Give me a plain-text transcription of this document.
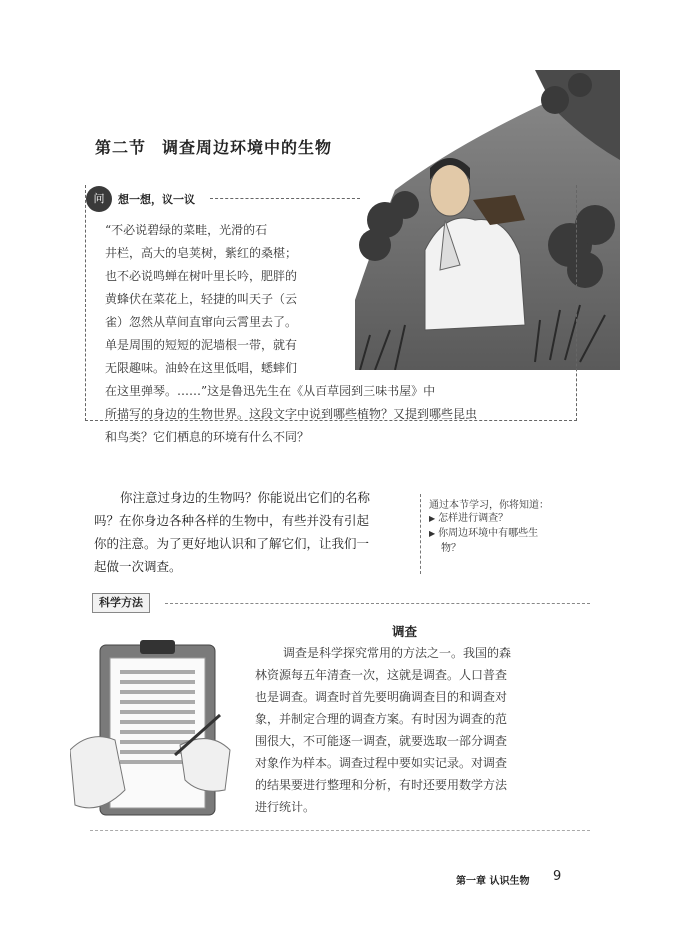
第二节 调查周边环境中的生物
问	想一想，议一议
“不必说碧绿的菜畦，光滑的石
井栏，高大的皂荚树，紫红的桑椹；
也不必说鸣蝉在树叶里长吟，肥胖的
黄蜂伏在菜花上，轻捷的叫天子（云
雀）忽然从草间直窜向云霄里去了。
单是周围的短短的泥墙根一带，就有
无限趣味。油蛉在这里低唱，蟋蟀们
在这里弹琴。……”这是鲁迅先生在《从百草园到三味书屋》中
所描写的身边的生物世界。这段文字中说到哪些植物？又提到哪些昆虫
和鸟类？它们栖息的环境有什么不同？
你注意过身边的生物吗？你能说出它们的名称
吗？在你身边各种各样的生物中，有些并没有引起
你的注意。为了更好地认识和了解它们，让我们一
起做一次调查。
通过本节学习，你将知道：
▶ 怎样进行调查？
▶ 你周边环境中有哪些生
物？
科学方法
调查
调查是科学探究常用的方法之一。我国的森
林资源每五年清查一次，这就是调查。人口普查
也是调查。调查时首先要明确调查目的和调查对
象，并制定合理的调查方案。有时因为调查的范
围很大，不可能逐一调查，就要选取一部分调查
对象作为样本。调查过程中要如实记录。对调查
的结果要进行整理和分析，有时还要用数学方法
进行统计。
第一章 认识生物 9
